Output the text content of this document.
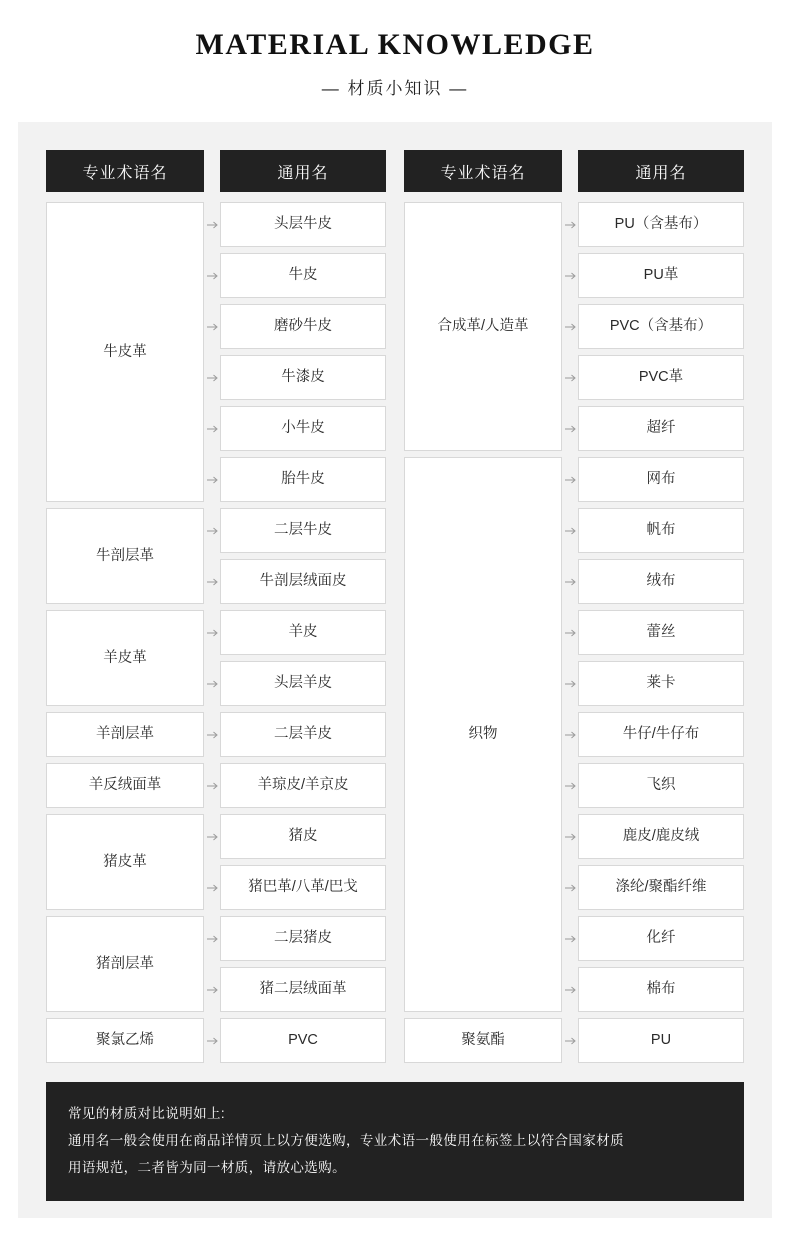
MATERIAL KNOWLEDGE
— 材质小知识 —
专业术语名
牛皮革
牛剖层革
羊皮革
羊剖层革
羊反绒面革
猪皮革
猪剖层革
聚氯乙烯
通用名
头层牛皮
牛皮
磨砂牛皮
牛漆皮
小牛皮
胎牛皮
二层牛皮
牛剖层绒面皮
羊皮
头层羊皮
二层羊皮
羊琼皮/羊京皮
猪皮
猪巴革/八革/巴戈
二层猪皮
猪二层绒面革
PVC
专业术语名
合成革/人造革
织物
聚氨酯
通用名
PU（含基布）
PU革
PVC（含基布）
PVC革
超纤
网布
帆布
绒布
蕾丝
莱卡
牛仔/牛仔布
飞织
鹿皮/鹿皮绒
涤纶/聚酯纤维
化纤
棉布
PU

常见的材质对比说明如上:

通用名一般会使用在商品详情页上以方便选购，专业术语一般使用在标签上以符合国家材质

用语规范，二者皆为同一材质，请放心选购。
